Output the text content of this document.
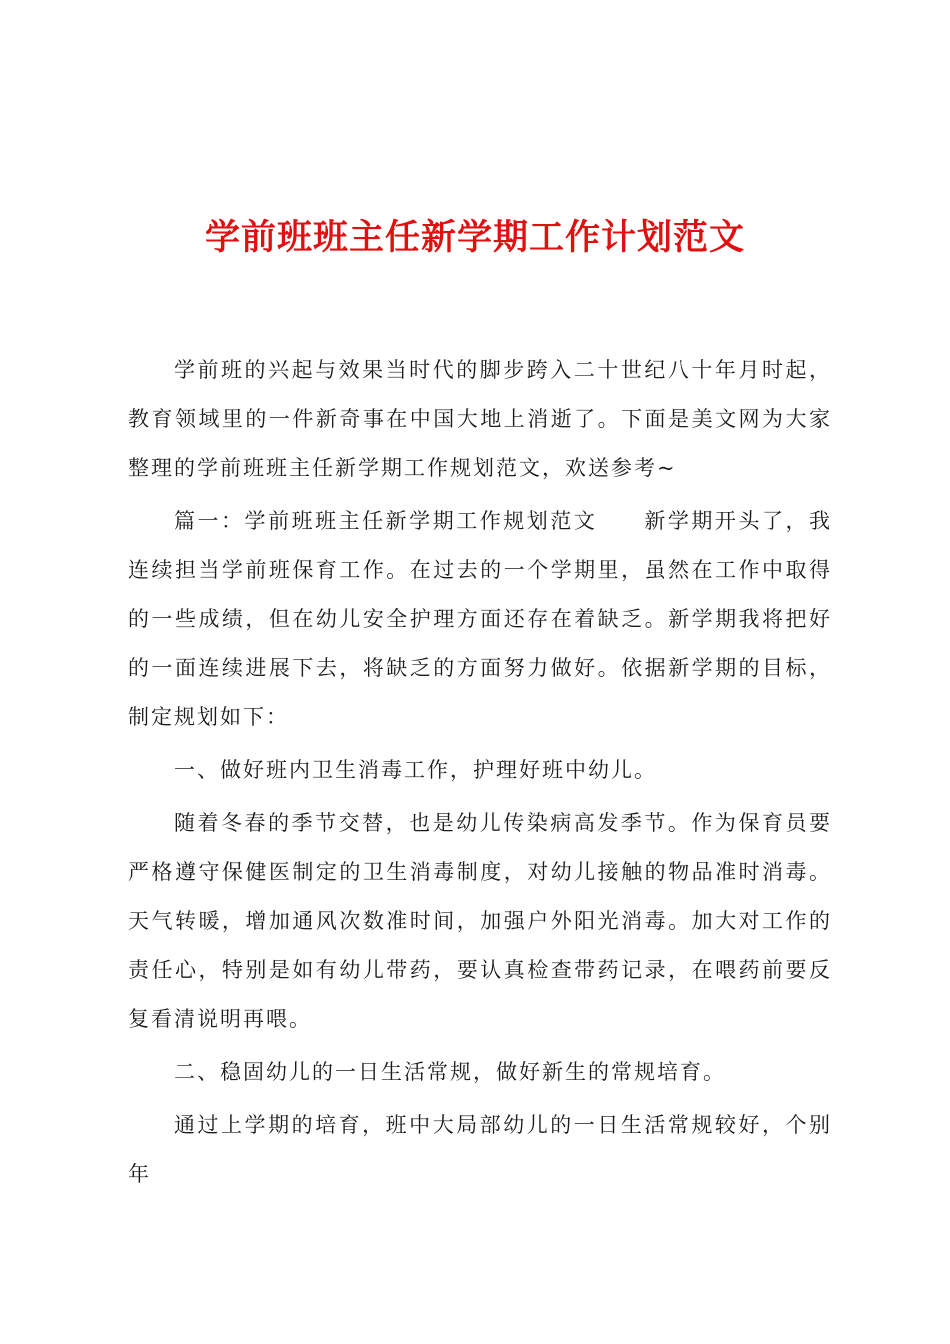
学前班班主任新学期工作计划范文

学前班的兴起与效果当时代的脚步跨入二十世纪八十年月时起，教育领域里的一件新奇事在中国大地上消逝了。下面是美文网为大家整理的学前班班主任新学期工作规划范文，欢送参考~

篇一：学前班班主任新学期工作规划范文　　新学期开头了，我连续担当学前班保育工作。在过去的一个学期里，虽然在工作中取得的一些成绩，但在幼儿安全护理方面还存在着缺乏。新学期我将把好的一面连续进展下去，将缺乏的方面努力做好。依据新学期的目标，制定规划如下：

一、做好班内卫生消毒工作，护理好班中幼儿。

随着冬春的季节交替，也是幼儿传染病高发季节。作为保育员要严格遵守保健医制定的卫生消毒制度，对幼儿接触的物品准时消毒。天气转暖，增加通风次数准时间，加强户外阳光消毒。加大对工作的责任心，特别是如有幼儿带药，要认真检查带药记录，在喂药前要反复看清说明再喂。

二、稳固幼儿的一日生活常规，做好新生的常规培育。

通过上学期的培育，班中大局部幼儿的一日生活常规较好，个别年
